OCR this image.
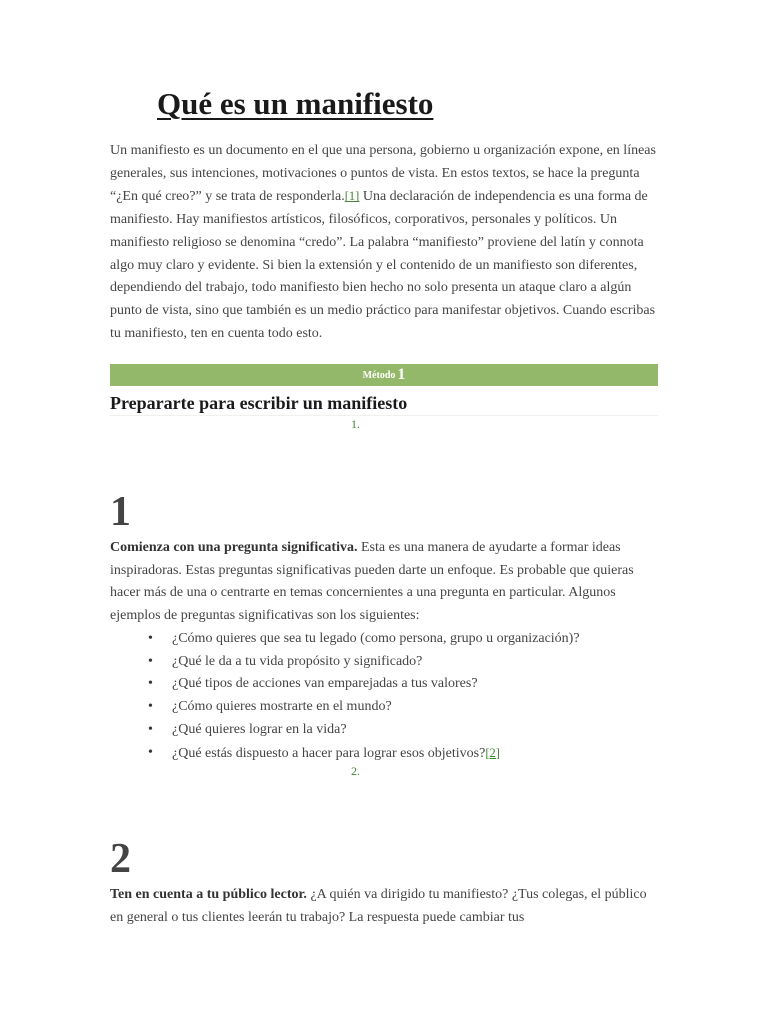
Qué es un manifiesto

Un manifiesto es un documento en el que una persona, gobierno u organización expone, en líneas generales, sus intenciones, motivaciones o puntos de vista. En estos textos, se hace la pregunta “¿En qué creo?” y se trata de responderla.[1] Una declaración de independencia es una forma de manifiesto. Hay manifiestos artísticos, filosóficos, corporativos, personales y políticos. Un manifiesto religioso se denomina “credo”. La palabra “manifiesto” proviene del latín y connota algo muy claro y evidente. Si bien la extensión y el contenido de un manifiesto son diferentes, dependiendo del trabajo, todo manifiesto bien hecho no solo presenta un ataque claro a algún punto de vista, sino que también es un medio práctico para manifestar objetivos. Cuando escribas tu manifiesto, ten en cuenta todo esto.

Método 1
Prepararte para escribir un manifiesto
1.
1

Comienza con una pregunta significativa. Esta es una manera de ayudarte a formar ideas inspiradoras. Estas preguntas significativas pueden darte un enfoque. Es probable que quieras hacer más de una o centrarte en temas concernientes a una pregunta en particular. Algunos ejemplos de preguntas significativas son los siguientes:

• ¿Cómo quieres que sea tu legado (como persona, grupo u organización)?
• ¿Qué le da a tu vida propósito y significado?
• ¿Qué tipos de acciones van emparejadas a tus valores?
• ¿Cómo quieres mostrarte en el mundo?
• ¿Qué quieres lograr en la vida?
• ¿Qué estás dispuesto a hacer para lograr esos objetivos?[2]
2.
2

Ten en cuenta a tu público lector. ¿A quién va dirigido tu manifiesto? ¿Tus colegas, el público en general o tus clientes leerán tu trabajo? La respuesta puede cambiar tus
